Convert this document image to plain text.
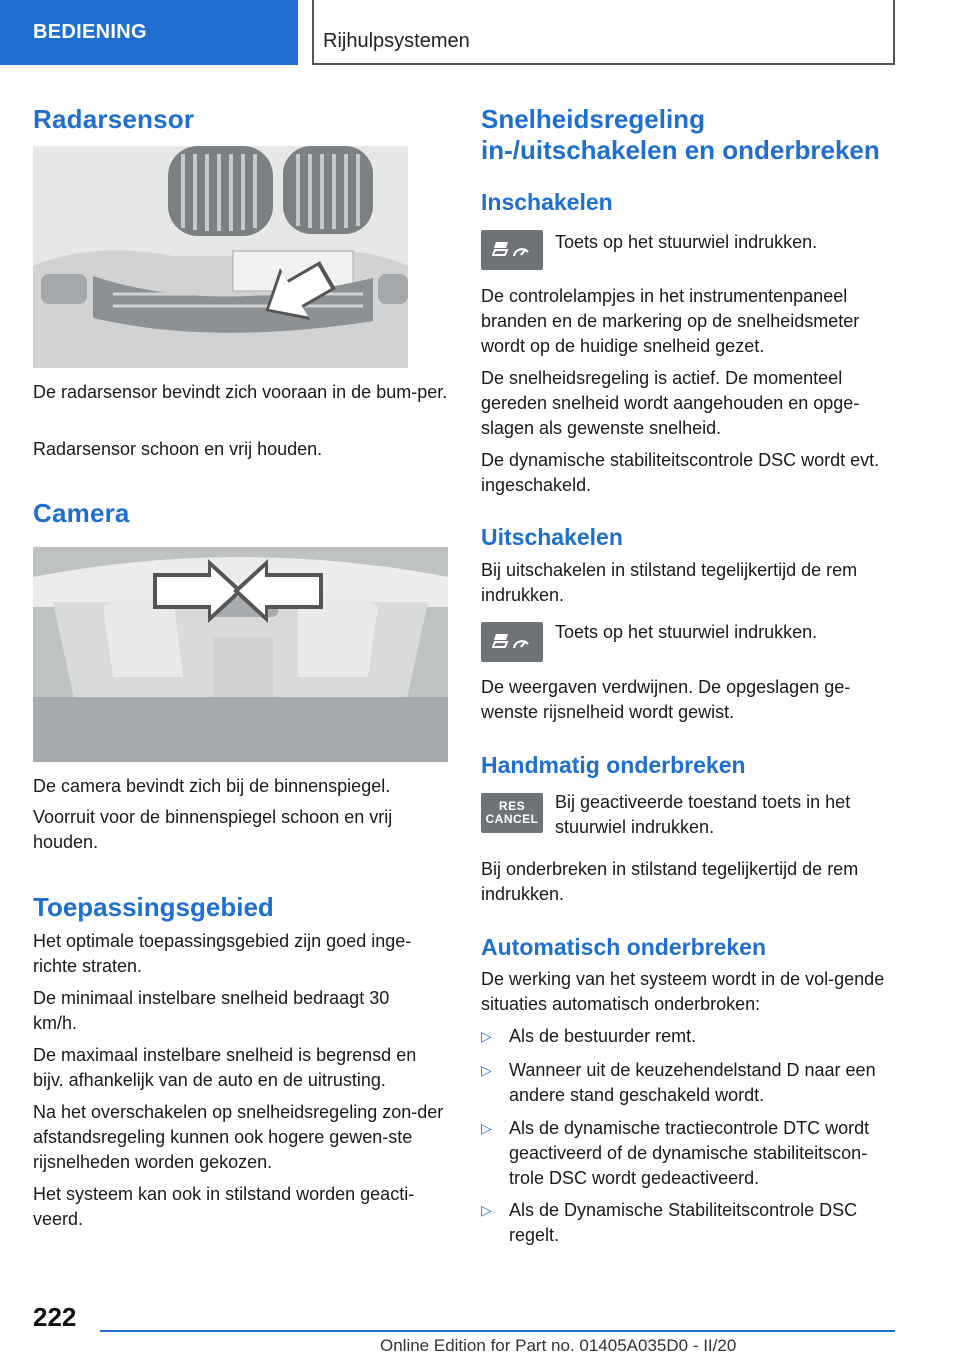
BEDIENING	Rijhulpsystemen
Radarsensor

De radarsensor bevindt zich vooraan in de bum-per.

Radarsensor schoon en vrij houden.

Camera

De camera bevindt zich bij de binnenspiegel.

Voorruit voor de binnenspiegel schoon en vrij houden.

Toepassingsgebied

Het optimale toepassingsgebied zijn goed inge-richte straten.

De minimaal instelbare snelheid bedraagt 30 km/h.

De maximaal instelbare snelheid is begrensd en bijv. afhankelijk van de auto en de uitrusting.

Na het overschakelen op snelheidsregeling zon-der afstandsregeling kunnen ook hogere gewen-ste rijsnelheden worden gekozen.

Het systeem kan ook in stilstand worden geacti-veerd.

Snelheidsregeling in-/uitschakelen en onderbreken
Inschakelen

Toets op het stuurwiel indrukken.

De controlelampjes in het instrumentenpaneel branden en de markering op de snelheidsmeter wordt op de huidige snelheid gezet.

De snelheidsregeling is actief. De momenteel gereden snelheid wordt aangehouden en opge-slagen als gewenste snelheid.

De dynamische stabiliteitscontrole DSC wordt evt. ingeschakeld.

Uitschakelen

Bij uitschakelen in stilstand tegelijkertijd de rem indrukken.

Toets op het stuurwiel indrukken.

De weergaven verdwijnen. De opgeslagen ge-wenste rijsnelheid wordt gewist.

Handmatig onderbreken
RES
CANCEL

Bij geactiveerde toestand toets in het stuurwiel indrukken.

Bij onderbreken in stilstand tegelijkertijd de rem indrukken.

Automatisch onderbreken

De werking van het systeem wordt in de vol-gende situaties automatisch onderbroken:

▷ Als de bestuurder remt.
▷ Wanneer uit de keuzehendelstand D naar een andere stand geschakeld wordt.
▷ Als de dynamische tractiecontrole DTC wordt geactiveerd of de dynamische stabiliteitscon-trole DSC wordt gedeactiveerd.
▷ Als de Dynamische Stabiliteitscontrole DSC regelt.
222
Online Edition for Part no. 01405A035D0 - II/20
